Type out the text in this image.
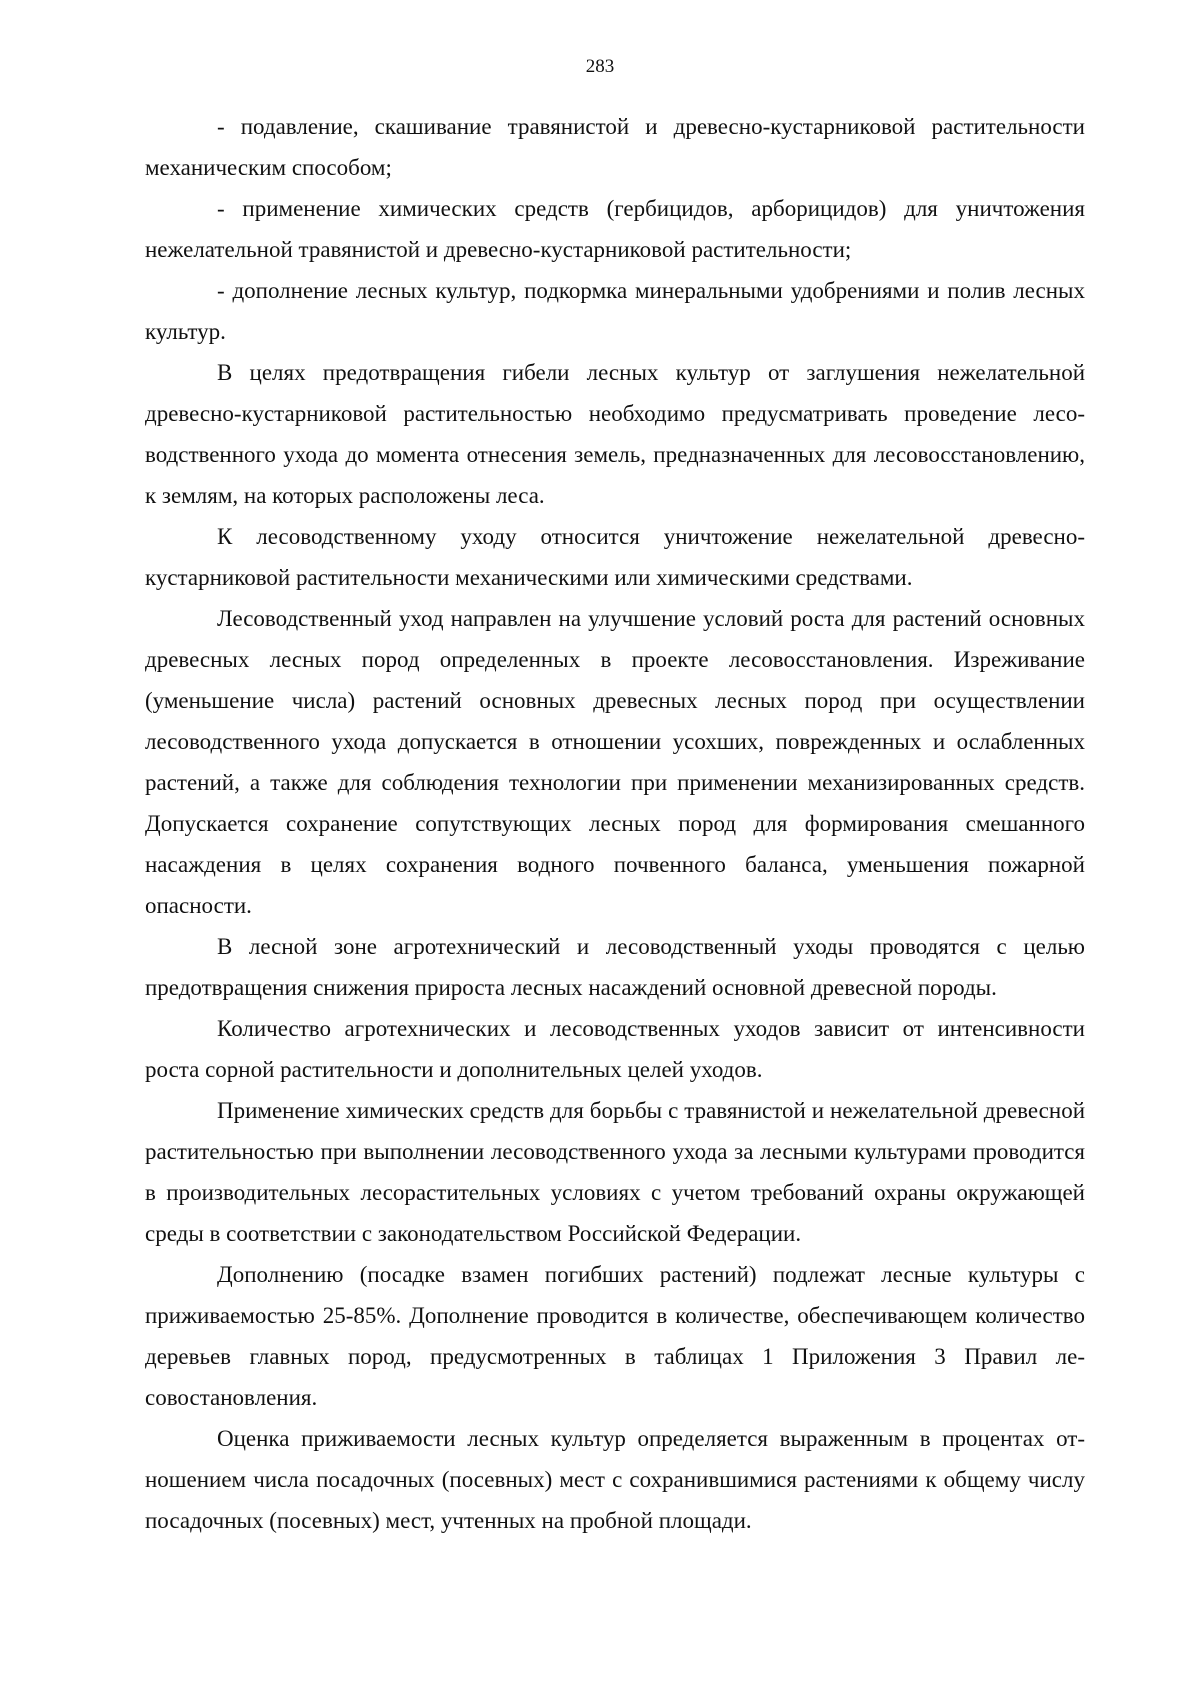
283

- подавление, скашивание травянистой и древесно-кустарниковой растительности механическим способом;

- применение химических средств (гербицидов, арборицидов) для уничтожения нежелательной травянистой и древесно-кустарниковой растительности;

- дополнение лесных культур, подкормка минеральными удобрениями и полив лесных культур.

В целях предотвращения гибели лесных культур от заглушения нежелательной древесно-кустарниковой растительностью необходимо предусматривать проведение лесоводственного ухода до момента отнесения земель, предназначенных для лесовосстановлению, к землям, на которых расположены леса.

К лесоводственному уходу относится уничтожение нежелательной древесно-кустарниковой растительности механическими или химическими средствами.

Лесоводственный уход направлен на улучшение условий роста для растений основных древесных лесных пород определенных в проекте лесовосстановления. Изреживание (уменьшение числа) растений основных древесных лесных пород при осуществлении лесоводственного ухода допускается в отношении усохших, поврежденных и ослабленных растений, а также для соблюдения технологии при применении механизированных средств. Допускается сохранение сопутствующих лесных пород для формирования смешанного насаждения в целях сохранения водного почвенного баланса, уменьшения пожарной опасности.

В лесной зоне агротехнический и лесоводственный уходы проводятся с целью предотвращения снижения прироста лесных насаждений основной древесной породы.

Количество агротехнических и лесоводственных уходов зависит от интенсивности роста сорной растительности и дополнительных целей уходов.

Применение химических средств для борьбы с травянистой и нежелательной древесной растительностью при выполнении лесоводственного ухода за лесными культурами проводится в производительных лесорастительных условиях с учетом требований охраны окружающей среды в соответствии с законодательством Российской Федерации.

Дополнению (посадке взамен погибших растений) подлежат лесные культуры с приживаемостью 25-85%. Дополнение проводится в количестве, обеспечивающем количество деревьев главных пород, предусмотренных в таблицах 1 Приложения 3 Правил лесовостановления.

Оценка приживаемости лесных культур определяется выраженным в процентах отношением числа посадочных (посевных) мест с сохранившимися растениями к общему числу посадочных (посевных) мест, учтенных на пробной площади.
